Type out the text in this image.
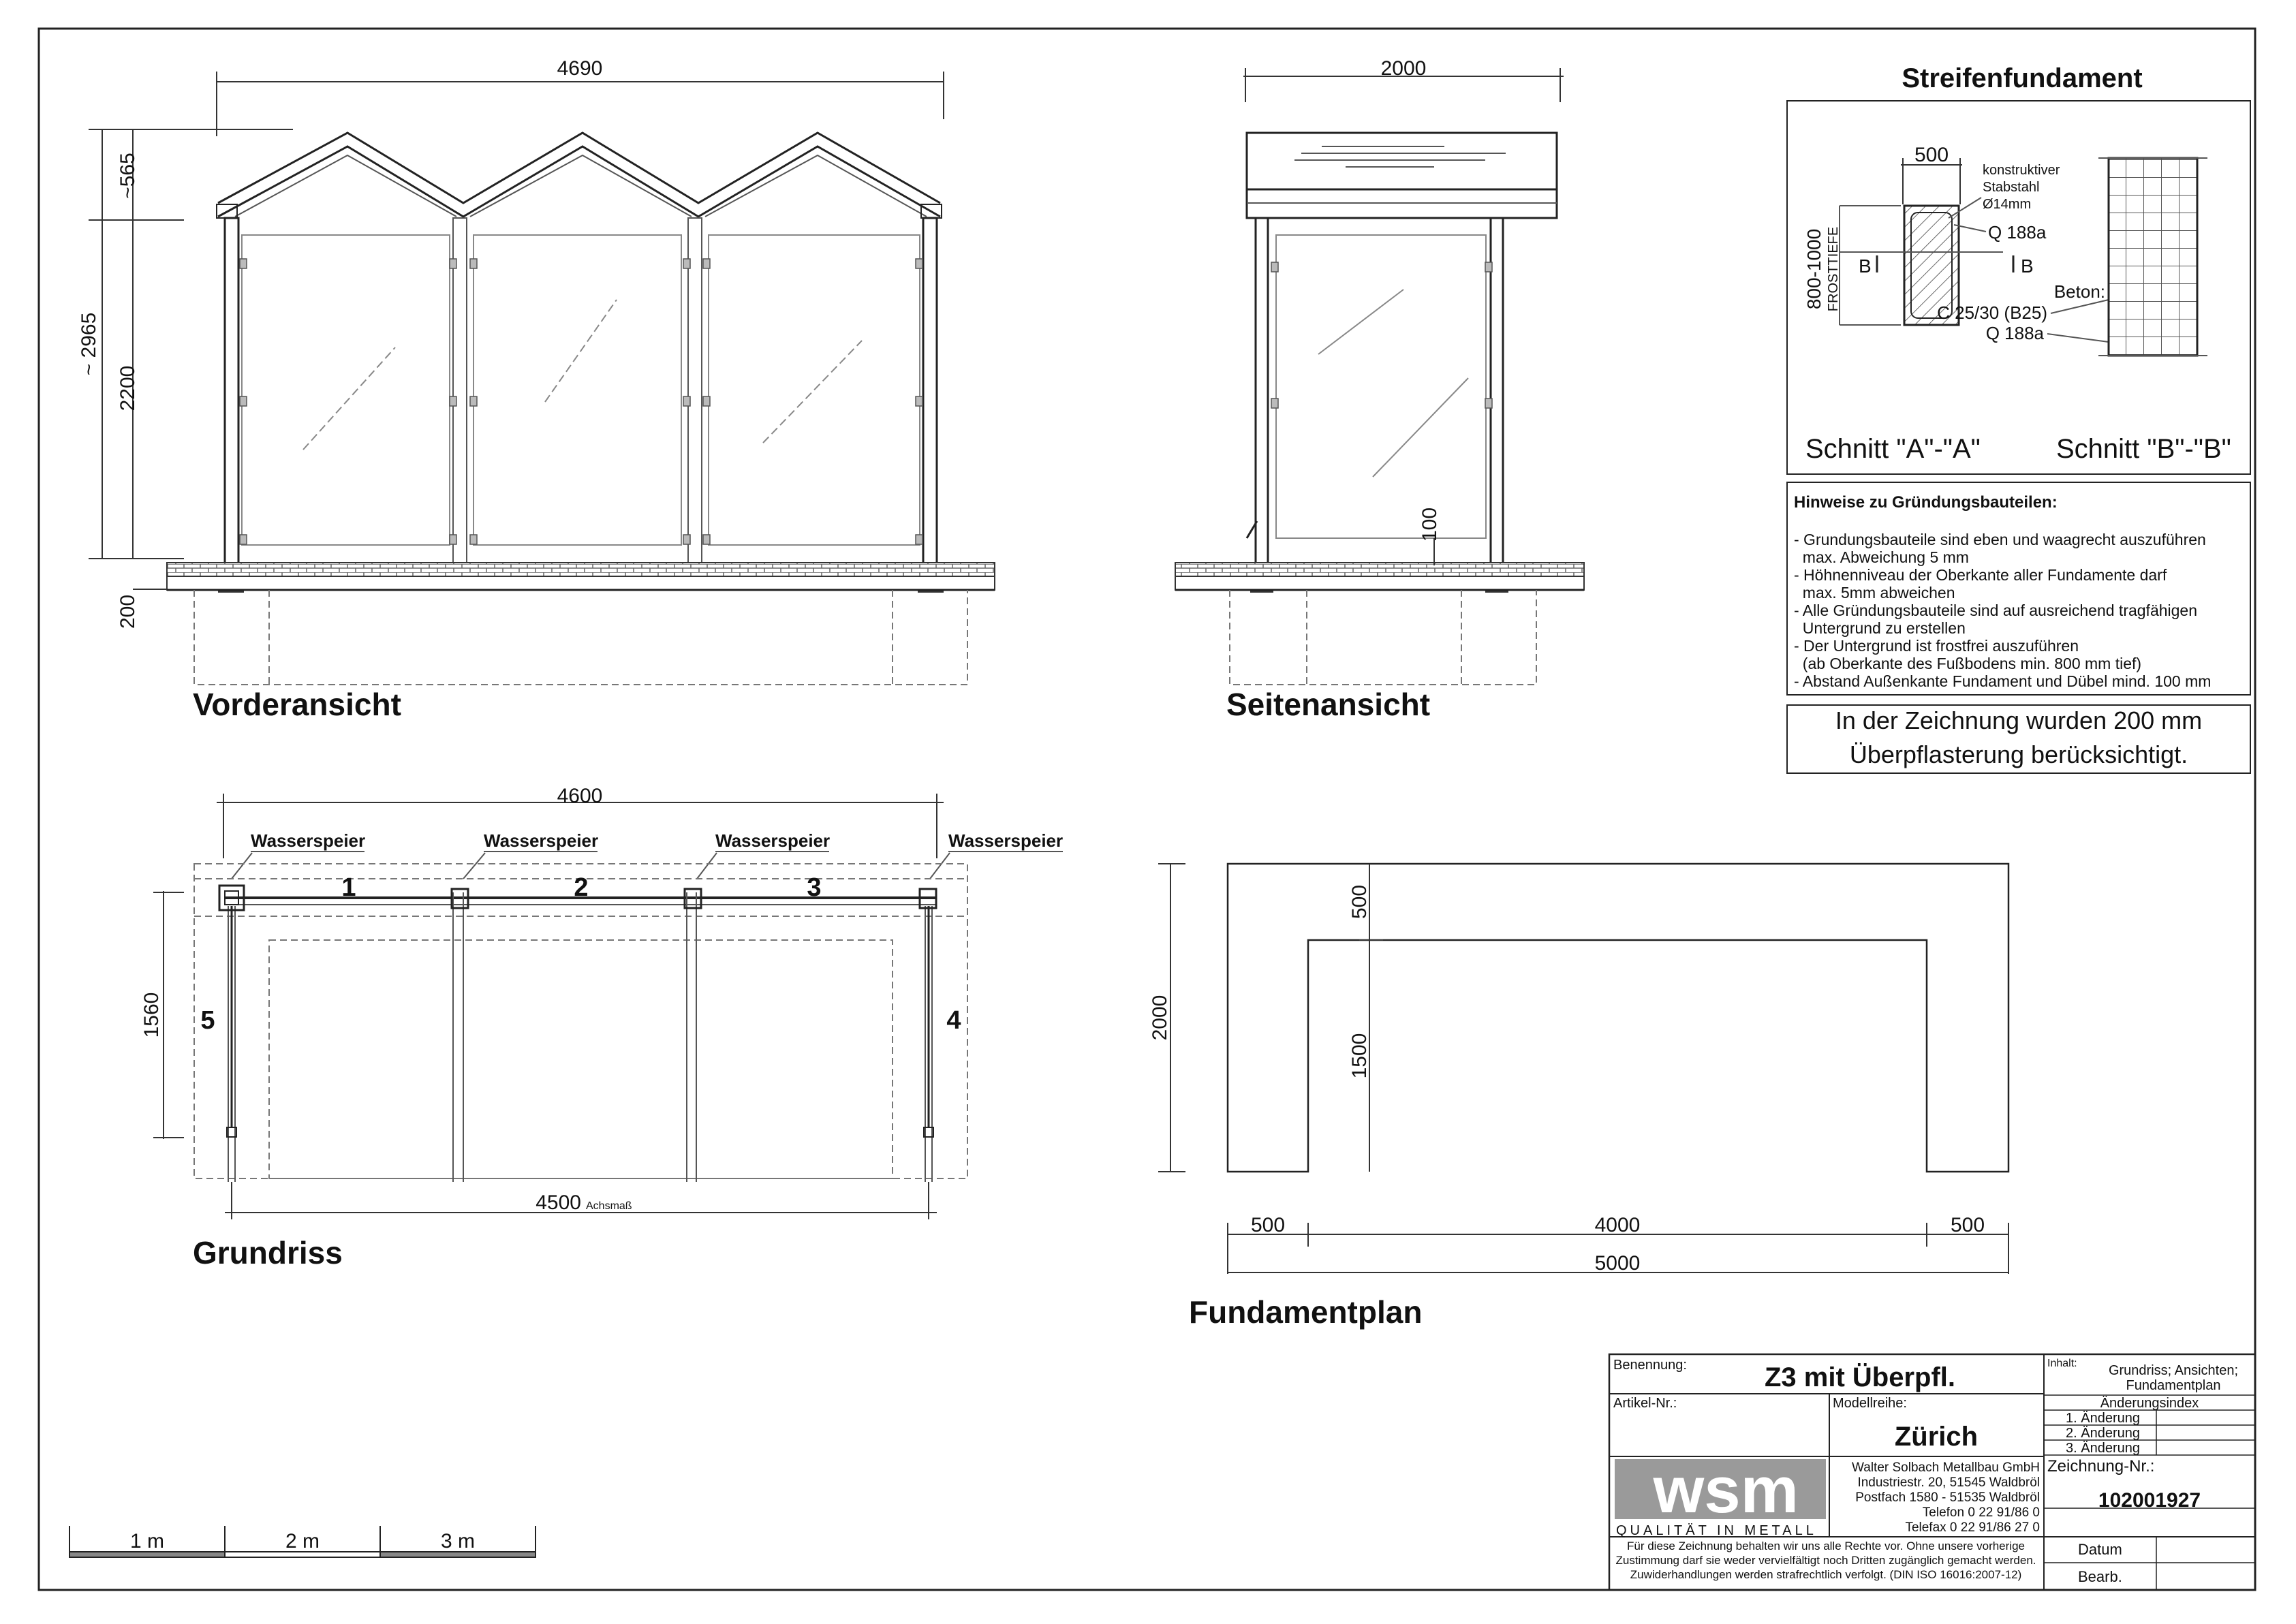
4690
~ 2965
~565
2200
200
Vorderansicht
2000
100
Seitenansicht
Streifenfundament
500
800-1000 FROSTTIEFE
konstruktiver
Stabstahl
Ø14mm
Q 188a
B	B
Beton:
C 25/30 (B25)
Q 188a
Schnitt "A"-"A"	Schnitt "B"-"B"
Hinweise zu Gründungsbauteilen:
- Grundungsbauteile sind eben und waagrecht auszuführen
max. Abweichung 5 mm
- Höhnenniveau der Oberkante aller Fundamente darf
max. 5mm abweichen
- Alle Gründungsbauteile sind auf ausreichend tragfähigen
Untergrund zu erstellen
- Der Untergrund ist frostfrei auszuführen
(ab Oberkante des Fußbodens min. 800 mm tief)
- Abstand Außenkante Fundament und Dübel mind. 100 mm
In der Zeichnung wurden 200 mm
Überpflasterung berücksichtigt.
4600
Wasserspeier	Wasserspeier	Wasserspeier	Wasserspeier
1	2	3
4
5
1560
4500 Achsmaß
Grundriss
2000
500
1500
500	4000	500
5000
Fundamentplan
1 m	2 m	3 m
Benennung:	Z3 mit Überpfl.	Inhalt: Grundriss; Ansichten;
Fundamentplan
Änderungsindex
1. Änderung
2. Änderung
3. Änderung
Artikel-Nr.:	Modellreihe:
Zürich
wsm
QUALITÄT IN METALL
Walter Solbach Metallbau GmbH
Industriestr. 20, 51545 Waldbröl
Postfach 1580 - 51535 Waldbröl
Telefon 0 22 91/86 0
Telefax 0 22 91/86 27 0
Zeichnung-Nr.:
102001927
Für diese Zeichnung behalten wir uns alle Rechte vor. Ohne unsere vorherige
Zustimmung darf sie weder vervielfältigt noch Dritten zugänglich gemacht werden.
Zuwiderhandlungen werden strafrechtlich verfolgt. (DIN ISO 16016:2007-12)
Datum
Bearb.
